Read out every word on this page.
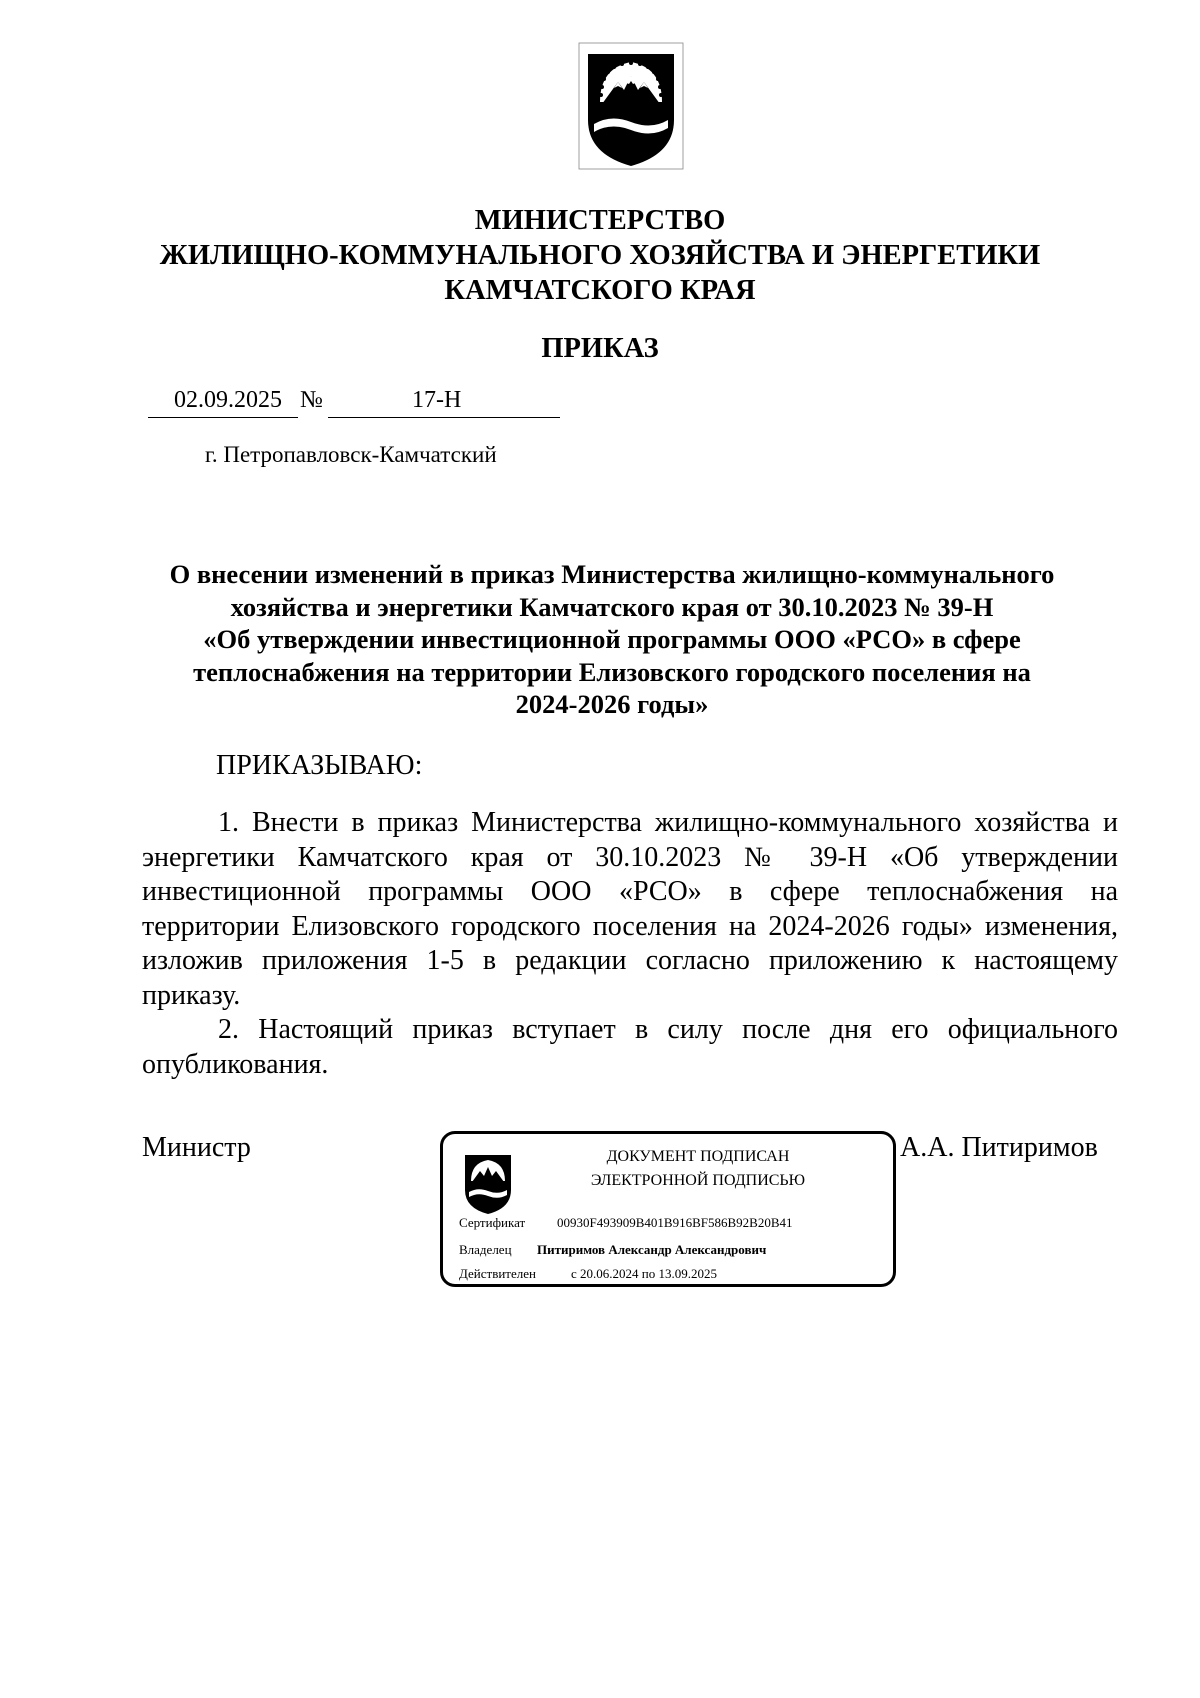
МИНИСТЕРСТВО
ЖИЛИЩНО-КОММУНАЛЬНОГО ХОЗЯЙСТВА И ЭНЕРГЕТИКИ
КАМЧАТСКОГО КРАЯ
ПРИКАЗ
02.09.2025 №	17-Н
г. Петропавловск-Камчатский
О внесении изменений в приказ Министерства жилищно-коммунального
хозяйства и энергетики Камчатского края от 30.10.2023 № 39-Н
«Об утверждении инвестиционной программы ООО «РСО» в сфере
теплоснабжения на территории Елизовского городского поселения на
2024-2026 годы»
ПРИКАЗЫВАЮ:

1. Внести в приказ Министерства жилищно-коммунального хозяйства и энергетики Камчатского края от 30.10.2023 № 39-Н «Об утверждении инвестиционной программы ООО «РСО» в сфере теплоснабжения на территории Елизовского городского поселения на 2024-2026 годы» изменения, изложив приложения 1-5 в редакции согласно приложению к настоящему приказу.

2. Настоящий приказ вступает в силу после дня его официального опубликования.

Министр	ДОКУМЕНТ ПОДПИСАН
ЭЛЕКТРОННОЙ ПОДПИСЬЮ
Сертификат 00930F493909B401B916BF586B92B20B41
Владелец Питиримов Александр Александрович
Действителен	с 20.06.2024 по 13.09.2025
А.А. Питиримов
